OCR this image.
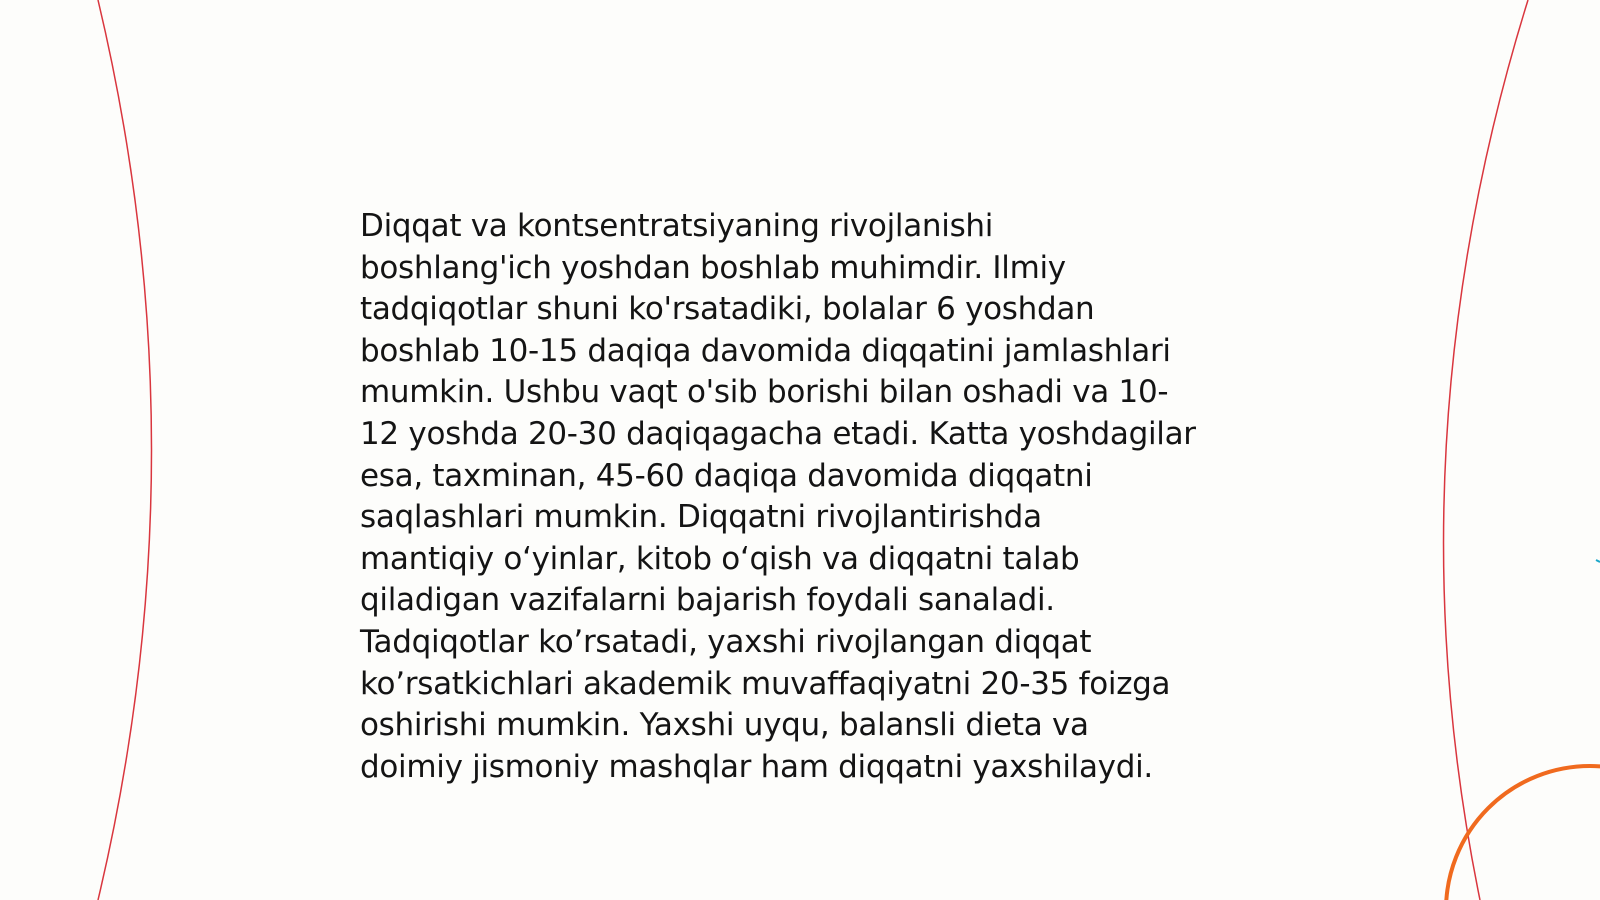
Diqqat va kontsentratsiyaning rivojlanishi
boshlang'ich yoshdan boshlab muhimdir. Ilmiy
tadqiqotlar shuni ko'rsatadiki, bolalar 6 yoshdan
boshlab 10-15 daqiqa davomida diqqatini jamlashlari
mumkin. Ushbu vaqt o'sib borishi bilan oshadi va 10-
12 yoshda 20-30 daqiqagacha etadi. Katta yoshdagilar
esa, taxminan, 45-60 daqiqa davomida diqqatni
saqlashlari mumkin. Diqqatni rivojlantirishda
mantiqiy o‘yinlar, kitob o‘qish va diqqatni talab
qiladigan vazifalarni bajarish foydali sanaladi.
Tadqiqotlar ko’rsatadi, yaxshi rivojlangan diqqat
ko’rsatkichlari akademik muvaffaqiyatni 20-35 foizga
oshirishi mumkin. Yaxshi uyqu, balansli dieta va
doimiy jismoniy mashqlar ham diqqatni yaxshilaydi.
